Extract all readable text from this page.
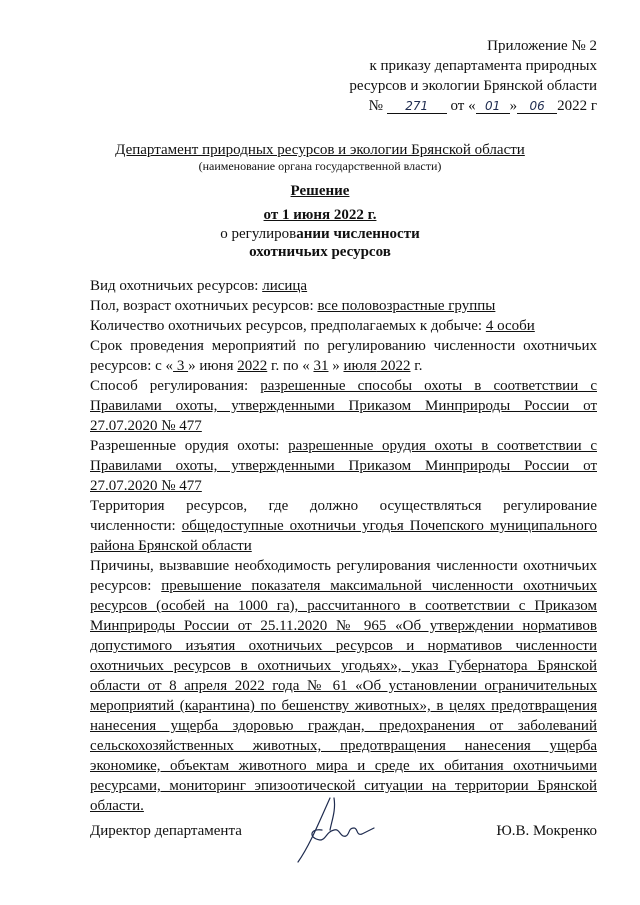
Приложение № 2
к приказу департамента природных
ресурсов и экологии Брянской области
№ 271 от « 01 » 06 2022 г
Департамент природных ресурсов и экологии Брянской области
(наименование органа государственной власти)
Решение
от 1 июня 2022 г.
о регулировании численности
охотничьих ресурсов
Вид охотничьих ресурсов: лисица
Пол, возраст охотничьих ресурсов: все половозрастные группы
Количество охотничьих ресурсов, предполагаемых к добыче: 4 особи
Срок проведения мероприятий по регулированию численности охотничьих ресурсов: с « 3 » июня 2022 г. по « 31 » июля 2022 г.
Способ регулирования: разрешенные способы охоты в соответствии с Правилами охоты, утвержденными Приказом Минприроды России от 27.07.2020 № 477
Разрешенные орудия охоты: разрешенные орудия охоты в соответствии с Правилами охоты, утвержденными Приказом Минприроды России от 27.07.2020 № 477
Территория ресурсов, где должно осуществляться регулирование численности: общедоступные охотничьи угодья Почепского муниципального района Брянской области
Причины, вызвавшие необходимость регулирования численности охотничьих ресурсов: превышение показателя максимальной численности охотничьих ресурсов (особей на 1000 га), рассчитанного в соответствии с Приказом Минприроды России от 25.11.2020 № 965 «Об утверждении нормативов допустимого изъятия охотничьих ресурсов и нормативов численности охотничьих ресурсов в охотничьих угодьях», указ Губернатора Брянской области от 8 апреля 2022 года № 61 «Об установлении ограничительных мероприятий (карантина) по бешенству животных», в целях предотвращения нанесения ущерба здоровью граждан, предохранения от заболеваний сельскохозяйственных животных, предотвращения нанесения ущерба экономике, объектам животного мира и среде их обитания охотничьими ресурсами, мониторинг эпизоотической ситуации на территории Брянской области.
Директор департамента	Ю.В. Мокренко
